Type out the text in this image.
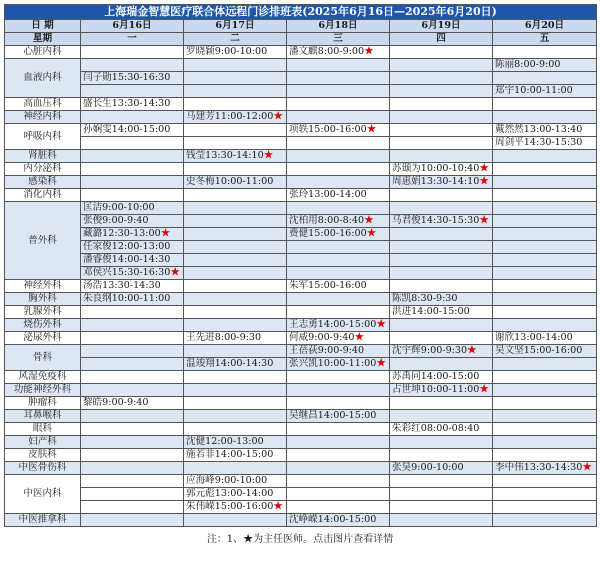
上海瑞金智慧医疗联合体远程门诊排班表(2025年6月16日—2025年6月20日)					
日 期	6月16日	6月17日	6月18日	6月19日	6月20日
星期	一	二	三	四	五
心脏内科		罗晓颖9:00-10:00	潘文麒8:00-9:00★		
血液内科					陈丽8:00-9:00
	闫子勋15:30-16:30				
					郑宇10:00-11:00
高血压科	盛长生13:30-14:30				
神经内科		马建芳11:00-12:00★			
呼吸内科	孙娴雯14:00-15:00		项轶15:00-16:00★		戴然然13:00-13:40
					周剑平14:30-15:30
肾脏科		钱莹13:30-14:10★			
内分泌科				苏颋为10:00-10:40★	
感染科		史冬梅10:00-11:00		周惠娟13:30-14:10★	
消化内科			张玲13:00-14:00		
普外科	匡洁9:00-10:00				
	张俊9:00-9:40		沈柏用8:00-8:40★	马君俊14:30-15:30★	
	藏潞12:30-13:00★		费健15:00-16:00★		
	任家俊12:00-13:00				
	潘睿俊14:00-14:30				
	邓侯兴15:30-16:30★				
神经外科	汤浩13:30-14:30		朱军15:00-16:00		
胸外科	朱良纲10:00-11:00			陈凯8:30-9:30	
乳腺外科				洪进14:00-15:00	
烧伤外科			王志勇14:00-15:00★		
泌尿外科		王先进8:00-9:30	何威9:00-9:40★		谢欣13:00-14:00
骨科			王蓓荻9:00-9:40	沈宇辉9:00-9:30★	吴文坚15:00-16:00
		温竣翔14:00-14:30	张兴凯10:00-11:00★		
风湿免疫科				苏禹同14:00-15:00	
功能神经外科				占世坤10:00-11:00★	
肿瘤科	黎皓9:00-9:40				
耳鼻喉科			吴继昌14:00-15:00		
眼科				朱彩红08:00-08:40	
妇产科		沈健12:00-13:00			
皮肤科		施若非14:00-15:00			
中医骨伤科				张昊9:00-10:00	李中伟13:30-14:30★
中医内科		应海峰9:00-10:00			
		郭元彪13:00-14:00			
		朱伟嵘15:00-16:00★			
中医推拿科			沈峥嵘14:00-15:00		
注：1、★为主任医师。点击图片查看详情
